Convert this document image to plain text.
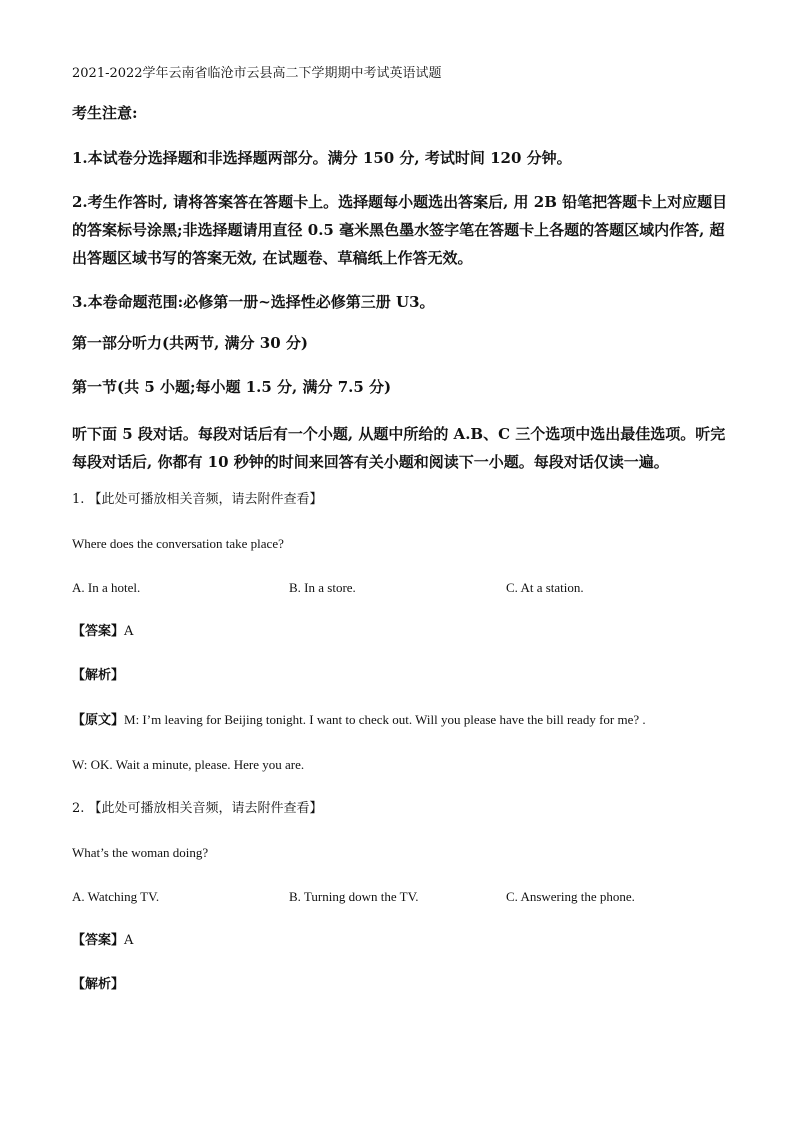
2021-2022学年云南省临沧市云县高二下学期期中考试英语试题
考生注意:
1.本试卷分选择题和非选择题两部分。满分 150 分, 考试时间 120 分钟。
2.考生作答时, 请将答案答在答题卡上。选择题每小题选出答案后, 用 2B 铅笔把答题卡上对应题目的答案标号涂黑;非选择题请用直径 0.5 毫米黑色墨水签字笔在答题卡上各题的答题区域内作答, 超出答题区域书写的答案无效, 在试题卷、草稿纸上作答无效。
3.本卷命题范围:必修第一册~选择性必修第三册 U3。
第一部分听力(共两节, 满分 30 分)
第一节(共 5 小题;每小题 1.5 分, 满分 7.5 分)
听下面 5 段对话。每段对话后有一个小题, 从题中所给的 A.B、C 三个选项中选出最佳选项。听完每段对话后, 你都有 10 秒钟的时间来回答有关小题和阅读下一小题。每段对话仅读一遍。
1. 【此处可播放相关音频，请去附件查看】
Where does the conversation take place?
A. In a hotel.	B. In a store.	C. At a station.
【答案】A
【解析】
【原文】M: I’m leaving for Beijing tonight. I want to check out. Will you please have the bill ready for me? .
W: OK. Wait a minute, please. Here you are.
2. 【此处可播放相关音频，请去附件查看】
What’s the woman doing?
A. Watching TV.	B. Turning down the TV.	C. Answering the phone.
【答案】A
【解析】
